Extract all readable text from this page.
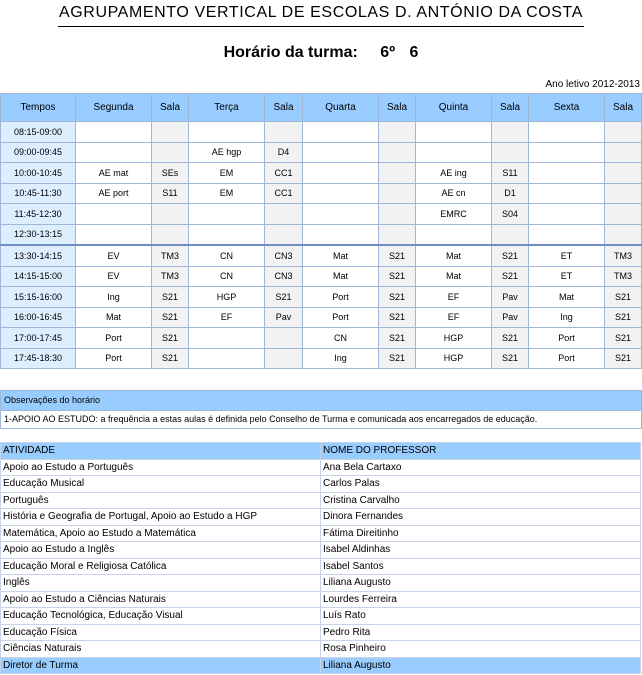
AGRUPAMENTO VERTICAL DE ESCOLAS D. ANTÓNIO DA COSTA
Horário da turma: 6º 6
Ano letivo 2012-2013
Tempos	Segunda	Sala	Terça	Sala	Quarta	Sala	Quinta	Sala	Sexta	Sala
08:15-09:00										
09:00-09:45			AE hgp	D4						
10:00-10:45	AE mat	SEs	EM	CC1			AE ing	S11		
10:45-11:30	AE port	S11	EM	CC1			AE cn	D1		
11:45-12:30							EMRC	S04		
12:30-13:15										
13:30-14:15	EV	TM3	CN	CN3	Mat	S21	Mat	S21	ET	TM3
14:15-15:00	EV	TM3	CN	CN3	Mat	S21	Mat	S21	ET	TM3
15:15-16:00	Ing	S21	HGP	S21	Port	S21	EF	Pav	Mat	S21
16:00-16:45	Mat	S21	EF	Pav	Port	S21	EF	Pav	Ing	S21
17:00-17:45	Port	S21			CN	S21	HGP	S21	Port	S21
17:45-18:30	Port	S21			Ing	S21	HGP	S21	Port	S21
Observações do horário
1-APOIO AO ESTUDO: a frequência a estas aulas é definida pelo Conselho de Turma e comunicada aos encarregados de educação.
ATIVIDADE	NOME DO PROFESSOR
Apoio ao Estudo a Português	Ana Bela Cartaxo
Educação Musical	Carlos Palas
Português	Cristina Carvalho
História e Geografia de Portugal, Apoio ao Estudo a HGP	Dinora Fernandes
Matemática, Apoio ao Estudo a Matemática	Fátima Direitinho
Apoio ao Estudo a Inglês	Isabel Aldinhas
Educação Moral e Religiosa Católica	Isabel Santos
Inglês	Liliana Augusto
Apoio ao Estudo a Ciências Naturais	Lourdes Ferreira
Educação Tecnológica, Educação Visual	Luís Rato
Educação Física	Pedro Rita
Ciências Naturais	Rosa Pinheiro
Diretor de Turma	Liliana Augusto
